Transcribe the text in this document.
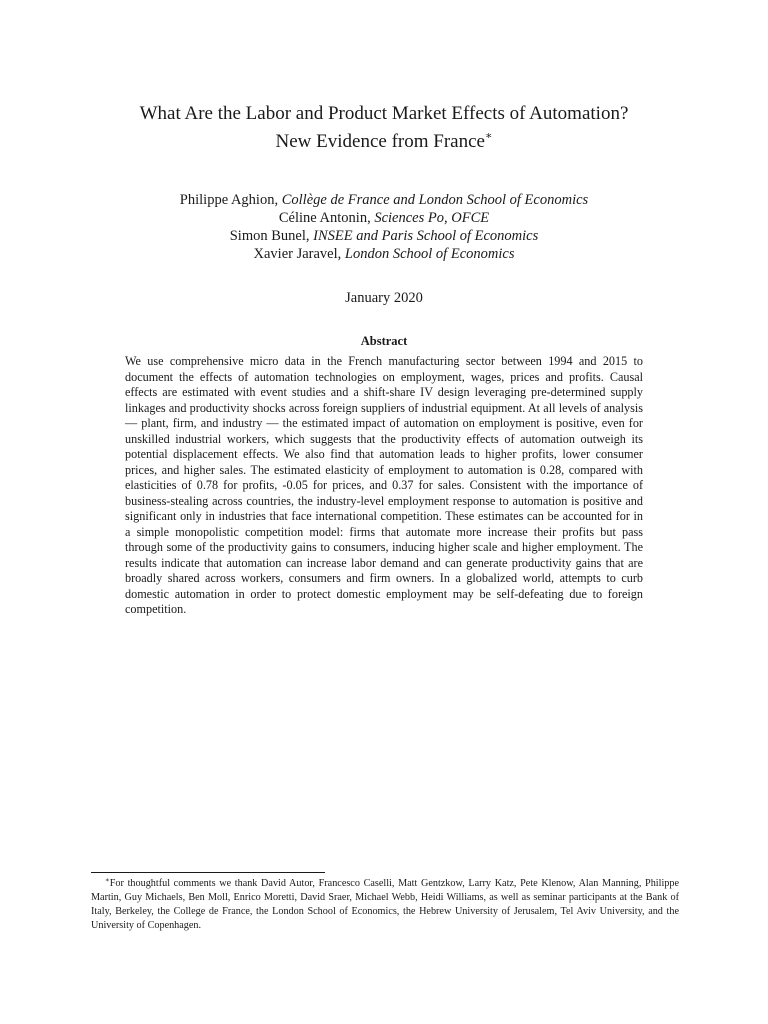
What Are the Labor and Product Market Effects of Automation?
New Evidence from France∗
Philippe Aghion, Collège de France and London School of Economics
Céline Antonin, Sciences Po, OFCE
Simon Bunel, INSEE and Paris School of Economics
Xavier Jaravel, London School of Economics
January 2020
Abstract
We use comprehensive micro data in the French manufacturing sector between 1994 and 2015 to document the effects of automation technologies on employment, wages, prices and profits. Causal effects are estimated with event studies and a shift-share IV design leveraging pre-determined supply linkages and productivity shocks across foreign suppliers of industrial equipment. At all levels of analysis — plant, firm, and industry — the estimated impact of automation on employment is positive, even for unskilled industrial workers, which suggests that the productivity effects of automation outweigh its potential displacement effects. We also find that automation leads to higher profits, lower consumer prices, and higher sales. The estimated elasticity of employment to automation is 0.28, compared with elasticities of 0.78 for profits, -0.05 for prices, and 0.37 for sales. Consistent with the importance of business-stealing across countries, the industry-level employment response to automation is positive and significant only in industries that face international competition. These estimates can be accounted for in a simple monopolistic competition model: firms that automate more increase their profits but pass through some of the productivity gains to consumers, inducing higher scale and higher employment. The results indicate that automation can increase labor demand and can generate productivity gains that are broadly shared across workers, consumers and firm owners. In a globalized world, attempts to curb domestic automation in order to protect domestic employment may be self-defeating due to foreign competition.
∗For thoughtful comments we thank David Autor, Francesco Caselli, Matt Gentzkow, Larry Katz, Pete Klenow, Alan Manning, Philippe Martin, Guy Michaels, Ben Moll, Enrico Moretti, David Sraer, Michael Webb, Heidi Williams, as well as seminar participants at the Bank of Italy, Berkeley, the College de France, the London School of Economics, the Hebrew University of Jerusalem, Tel Aviv University, and the University of Copenhagen.
